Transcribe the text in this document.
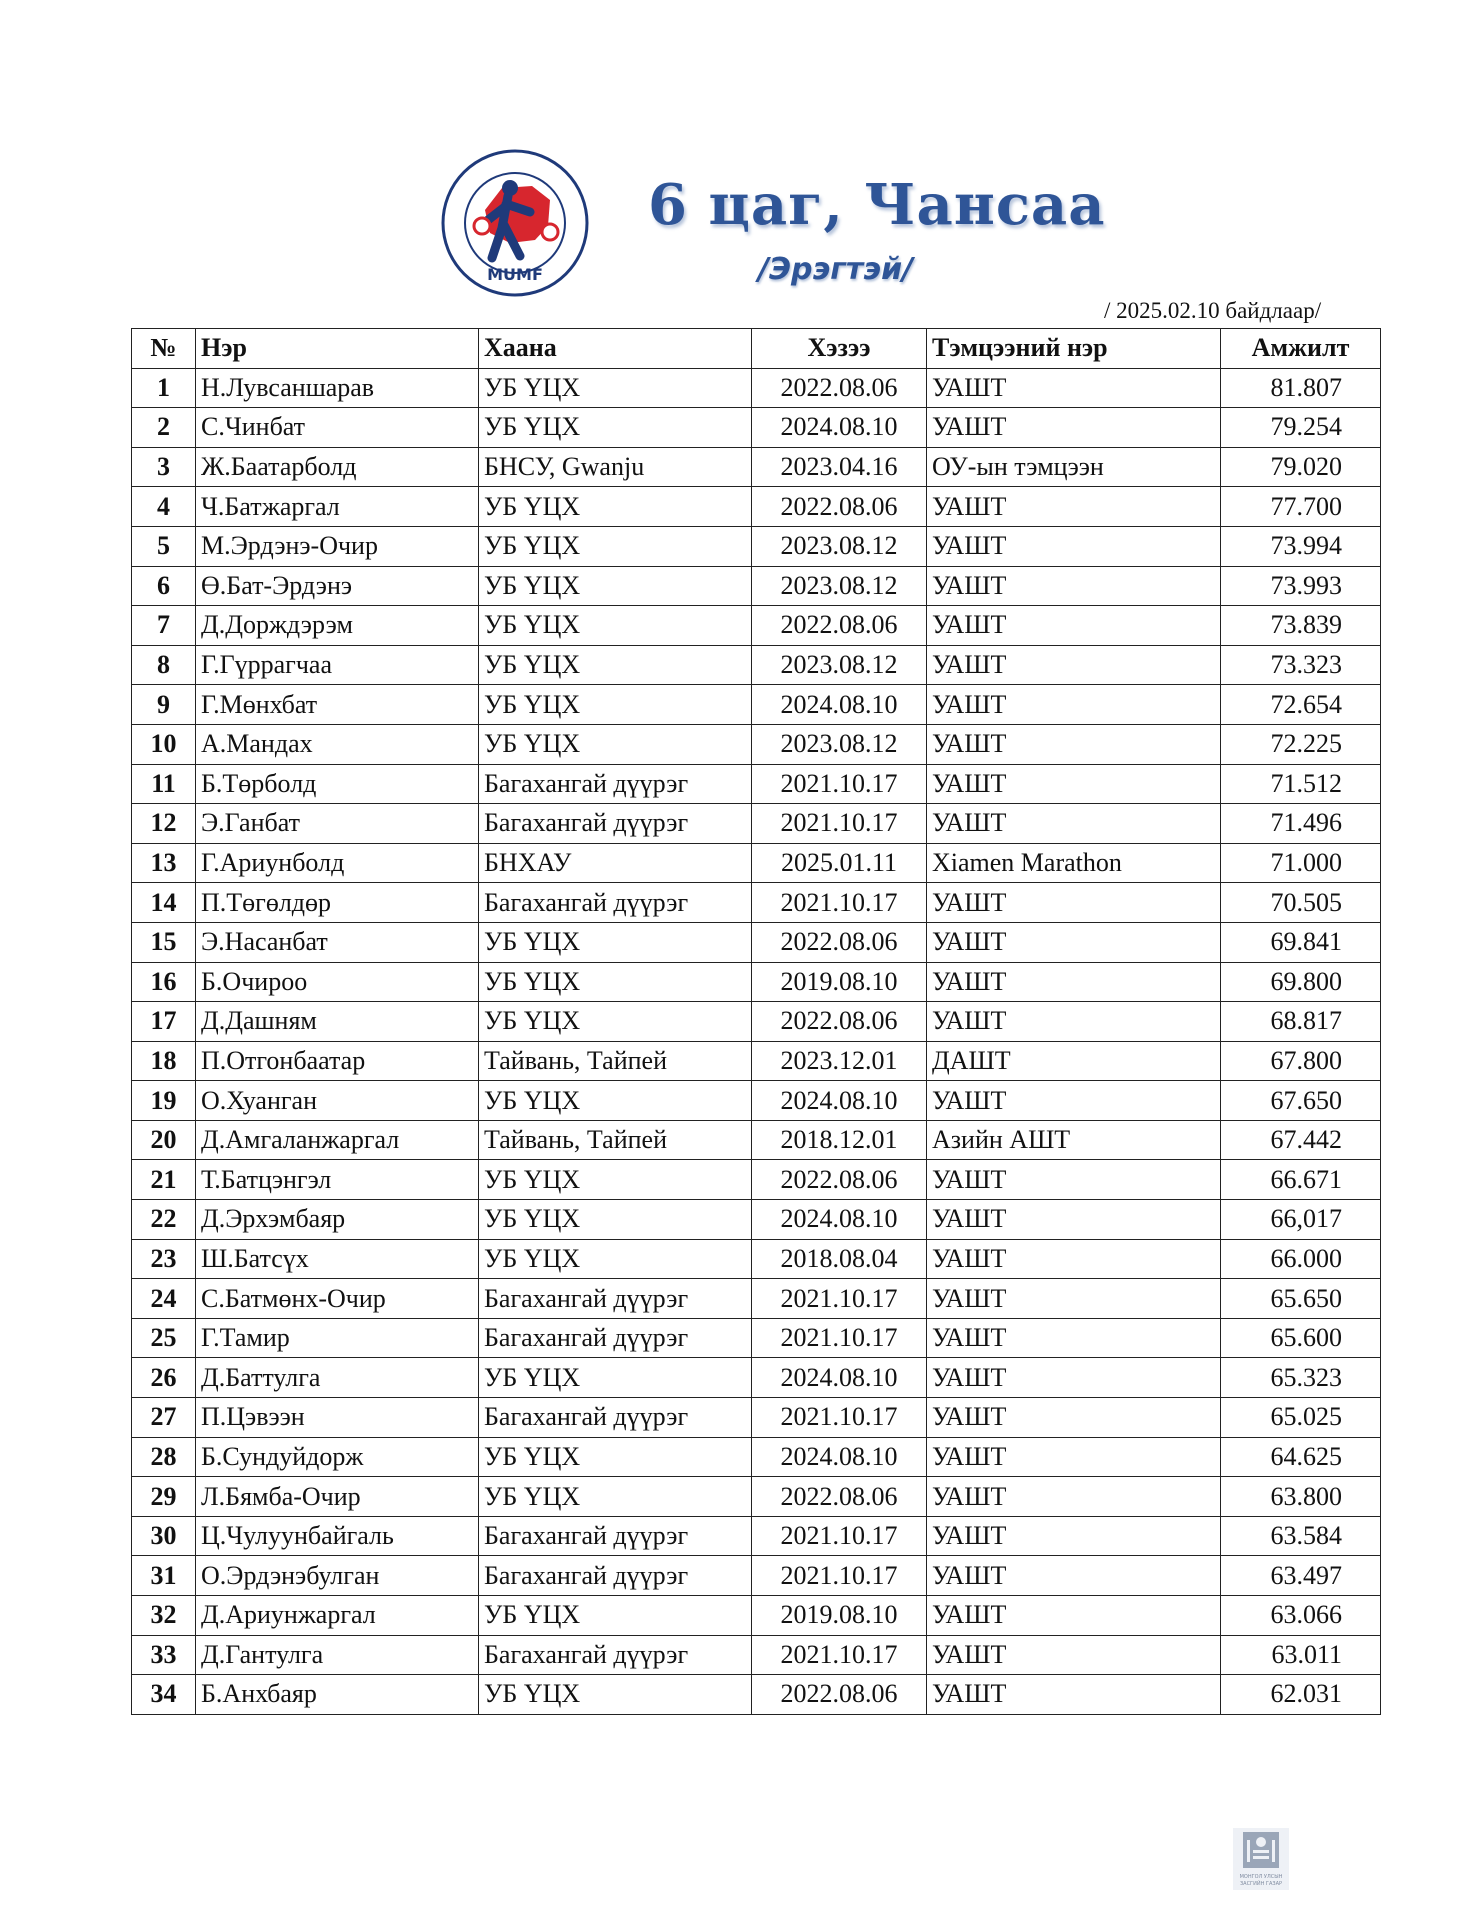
MUMF
6 цаг, Чансаа
/Эрэгтэй/
/ 2025.02.10 байдлаар/
№	Нэр	Хаана	Хэзээ	Тэмцээний нэр	Амжилт
1	Н.Лувсаншарав	УБ ҮЦХ	2022.08.06	УАШТ	81.807
2	С.Чинбат	УБ ҮЦХ	2024.08.10	УАШТ	79.254
3	Ж.Баатарболд	БНСУ, Gwanju	2023.04.16	ОУ-ын тэмцээн	79.020
4	Ч.Батжаргал	УБ ҮЦХ	2022.08.06	УАШТ	77.700
5	М.Эрдэнэ-Очир	УБ ҮЦХ	2023.08.12	УАШТ	73.994
6	Ө.Бат-Эрдэнэ	УБ ҮЦХ	2023.08.12	УАШТ	73.993
7	Д.Дорждэрэм	УБ ҮЦХ	2022.08.06	УАШТ	73.839
8	Г.Гүррагчаа	УБ ҮЦХ	2023.08.12	УАШТ	73.323
9	Г.Мөнхбат	УБ ҮЦХ	2024.08.10	УАШТ	72.654
10	А.Мандах	УБ ҮЦХ	2023.08.12	УАШТ	72.225
11	Б.Төрболд	Багахангай дүүрэг	2021.10.17	УАШТ	71.512
12	Э.Ганбат	Багахангай дүүрэг	2021.10.17	УАШТ	71.496
13	Г.Ариунболд	БНХАУ	2025.01.11	Xiamen Marathon	71.000
14	П.Төгөлдөр	Багахангай дүүрэг	2021.10.17	УАШТ	70.505
15	Э.Насанбат	УБ ҮЦХ	2022.08.06	УАШТ	69.841
16	Б.Очироо	УБ ҮЦХ	2019.08.10	УАШТ	69.800
17	Д.Дашням	УБ ҮЦХ	2022.08.06	УАШТ	68.817
18	П.Отгонбаатар	Тайвань, Тайпей	2023.12.01	ДАШТ	67.800
19	О.Хуанган	УБ ҮЦХ	2024.08.10	УАШТ	67.650
20	Д.Амгаланжаргал	Тайвань, Тайпей	2018.12.01	Азийн АШТ	67.442
21	Т.Батцэнгэл	УБ ҮЦХ	2022.08.06	УАШТ	66.671
22	Д.Эрхэмбаяр	УБ ҮЦХ	2024.08.10	УАШТ	66,017
23	Ш.Батсүх	УБ ҮЦХ	2018.08.04	УАШТ	66.000
24	С.Батмөнх-Очир	Багахангай дүүрэг	2021.10.17	УАШТ	65.650
25	Г.Тамир	Багахангай дүүрэг	2021.10.17	УАШТ	65.600
26	Д.Баттулга	УБ ҮЦХ	2024.08.10	УАШТ	65.323
27	П.Цэвээн	Багахангай дүүрэг	2021.10.17	УАШТ	65.025
28	Б.Сундуйдорж	УБ ҮЦХ	2024.08.10	УАШТ	64.625
29	Л.Бямба-Очир	УБ ҮЦХ	2022.08.06	УАШТ	63.800
30	Ц.Чулуунбайгаль	Багахангай дүүрэг	2021.10.17	УАШТ	63.584
31	О.Эрдэнэбулган	Багахангай дүүрэг	2021.10.17	УАШТ	63.497
32	Д.Ариунжаргал	УБ ҮЦХ	2019.08.10	УАШТ	63.066
33	Д.Гантулга	Багахангай дүүрэг	2021.10.17	УАШТ	63.011
34	Б.Анхбаяр	УБ ҮЦХ	2022.08.06	УАШТ	62.031
МОНГОЛ УЛСЫН
ЗАСГИЙН ГАЗАР
